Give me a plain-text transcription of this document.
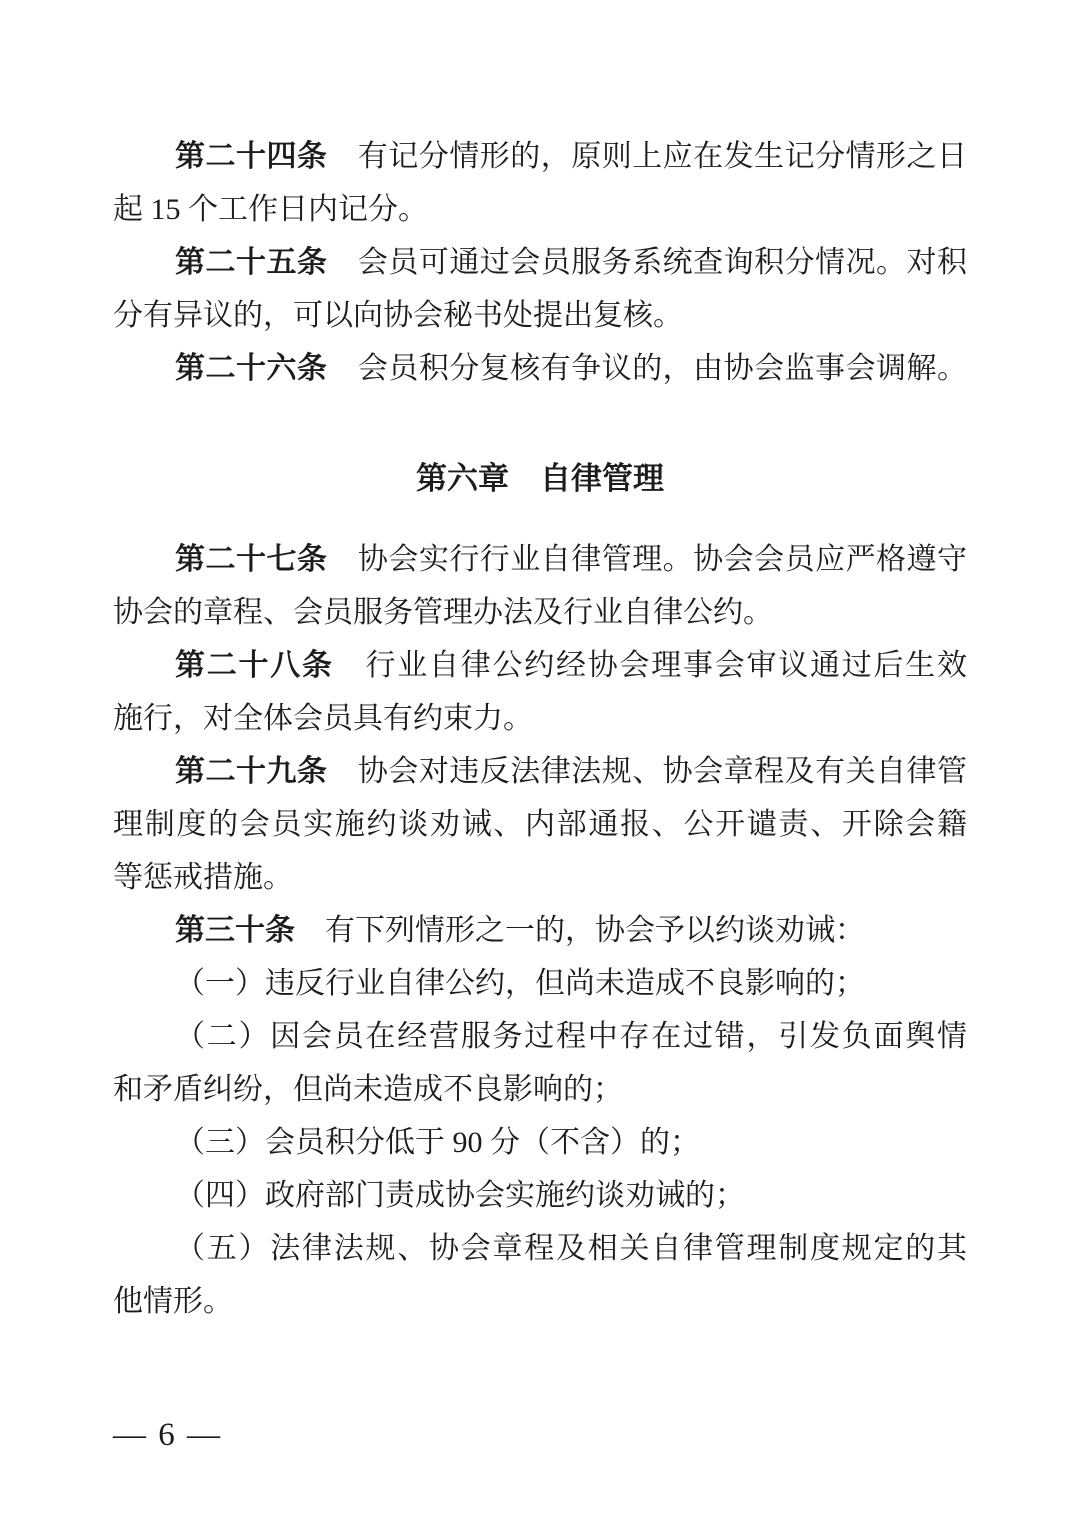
第二十四条　有记分情形的，原则上应在发生记分情形之日
起 15 个工作日内记分。
第二十五条　会员可通过会员服务系统查询积分情况。对积
分有异议的，可以向协会秘书处提出复核。
第二十六条　会员积分复核有争议的，由协会监事会调解。
第六章　自律管理
第二十七条　协会实行行业自律管理。协会会员应严格遵守
协会的章程、会员服务管理办法及行业自律公约。
第二十八条　行业自律公约经协会理事会审议通过后生效
施行，对全体会员具有约束力。
第二十九条　协会对违反法律法规、协会章程及有关自律管
理制度的会员实施约谈劝诫、内部通报、公开谴责、开除会籍
等惩戒措施。
第三十条　有下列情形之一的，协会予以约谈劝诫：
（一）违反行业自律公约，但尚未造成不良影响的；
（二）因会员在经营服务过程中存在过错，引发负面舆情
和矛盾纠纷，但尚未造成不良影响的；
（三）会员积分低于 90 分（不含）的；
（四）政府部门责成协会实施约谈劝诫的；
（五）法律法规、协会章程及相关自律管理制度规定的其
他情形。
— 6 —
